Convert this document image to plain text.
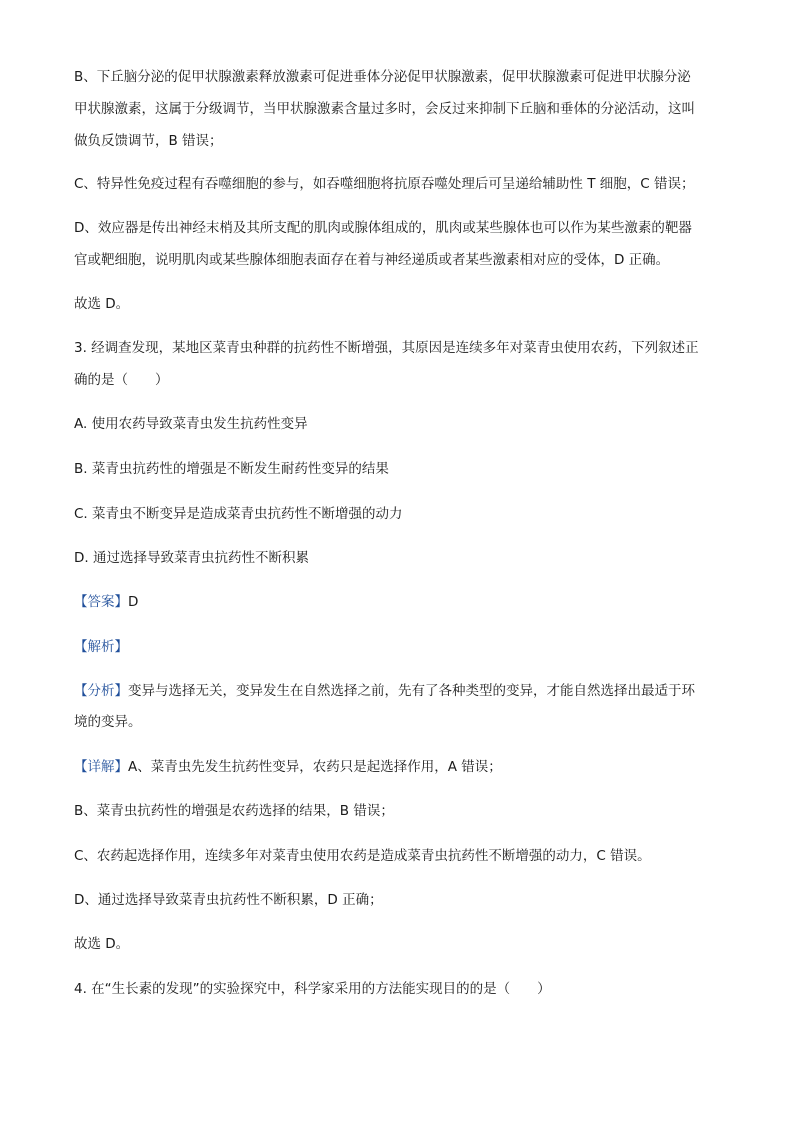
B、下丘脑分泌的促甲状腺激素释放激素可促进垂体分泌促甲状腺激素，促甲状腺激素可促进甲状腺分泌
甲状腺激素，这属于分级调节，当甲状腺激素含量过多时，会反过来抑制下丘脑和垂体的分泌活动，这叫
做负反馈调节，B 错误；
C、特异性免疫过程有吞噬细胞的参与，如吞噬细胞将抗原吞噬处理后可呈递给辅助性 T 细胞，C 错误；
D、效应器是传出神经末梢及其所支配的肌肉或腺体组成的，肌肉或某些腺体也可以作为某些激素的靶器
官或靶细胞，说明肌肉或某些腺体细胞表面存在着与神经递质或者某些激素相对应的受体，D 正确。
故选 D。
3. 经调查发现，某地区菜青虫种群的抗药性不断增强，其原因是连续多年对菜青虫使用农药，下列叙述正
确的是（　　）
A. 使用农药导致菜青虫发生抗药性变异
B. 菜青虫抗药性的增强是不断发生耐药性变异的结果
C. 菜青虫不断变异是造成菜青虫抗药性不断增强的动力
D. 通过选择导致菜青虫抗药性不断积累
【答案】D
【解析】
【分析】变异与选择无关，变异发生在自然选择之前，先有了各种类型的变异，才能自然选择出最适于环
境的变异。
【详解】A、菜青虫先发生抗药性变异，农药只是起选择作用，A 错误；
B、菜青虫抗药性的增强是农药选择的结果，B 错误；
C、农药起选择作用，连续多年对菜青虫使用农药是造成菜青虫抗药性不断增强的动力，C 错误。
D、通过选择导致菜青虫抗药性不断积累，D 正确；
故选 D。
4. 在“生长素的发现”的实验探究中，科学家采用的方法能实现目的的是（　　）
